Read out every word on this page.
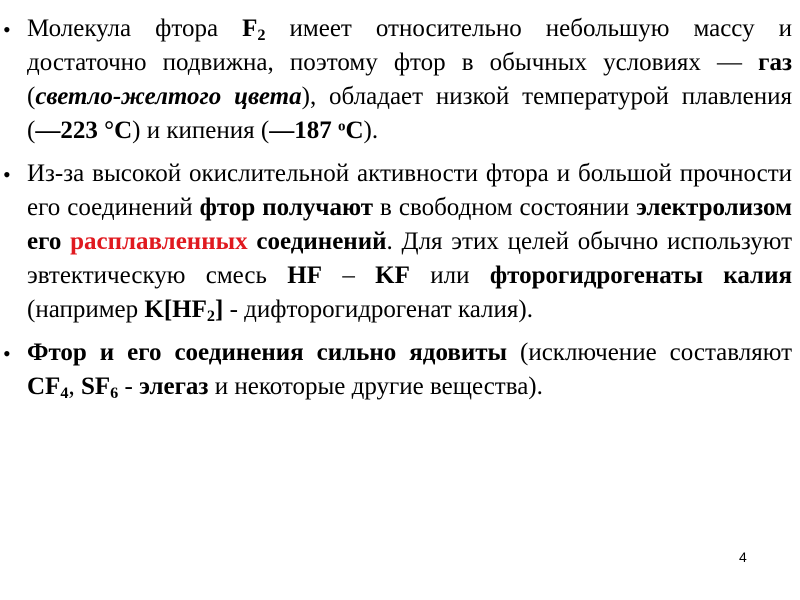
• Молекула фтора $F_2$ имеет относительно небольшую массу и достаточно подвижна, поэтому фтор в обычных условиях — газ (светло-желтого цвета), обладает низкой температурой плавления (—223 °С) и кипения (—187 $^o$С).

• Из-за высокой окислительной активности фтора и большой прочности его соединений фтор получают в свободном состоянии электролизом его расплавленных соединений. Для этих целей обычно используют эвтектическую смесь HF – KF или фторогидрогенаты калия (например $K[HF_2]$ - дифторогидрогенат калия).

• Фтор и его соединения сильно ядовиты (исключение составляют $CF_4$, $SF_6$ - элегаз и некоторые другие вещества).

4
